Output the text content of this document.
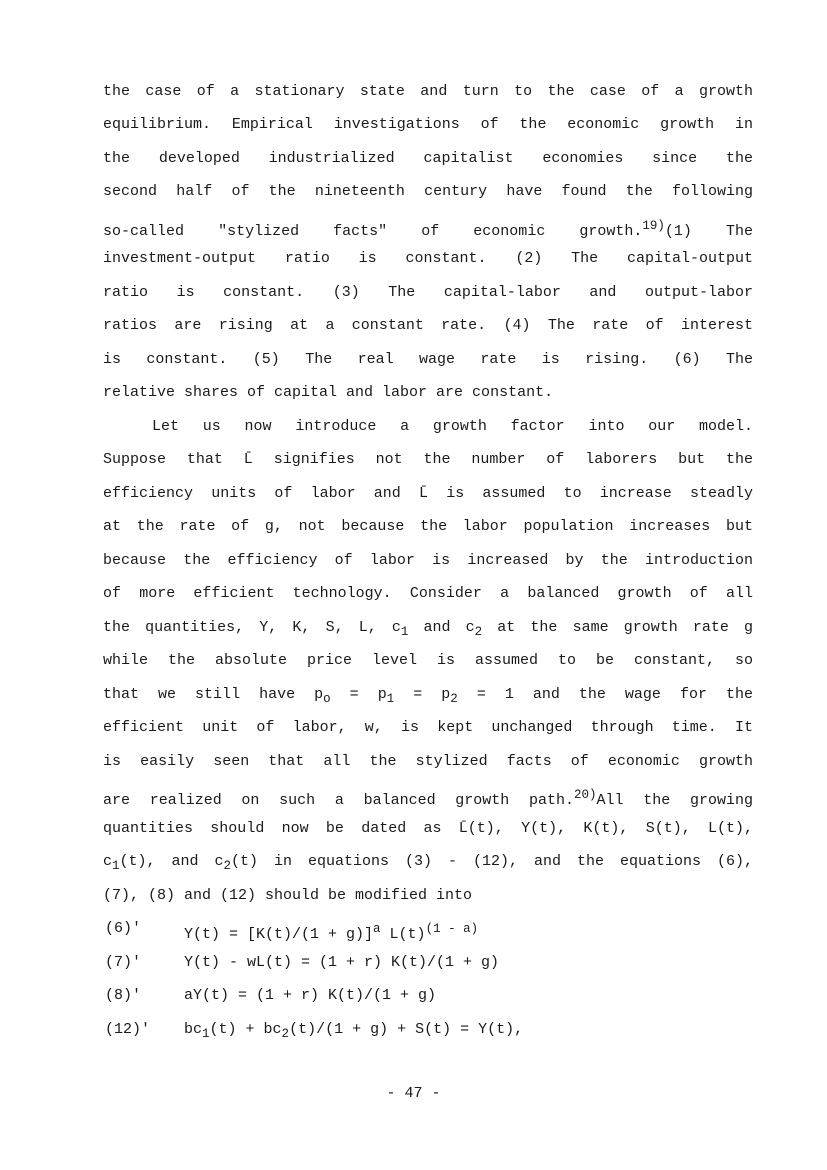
the case of a stationary state and turn to the case of a growth
equilibrium. Empirical investigations of the economic growth in
the developed industrialized capitalist economies since the
second half of the nineteenth century have found the following
so-called "stylized facts" of economic growth.$^{19)}$(1) The
investment-output ratio is constant. (2) The capital-output
ratio is constant. (3) The capital-labor and output-labor
ratios are rising at a constant rate. (4) The rate of interest
is constant. (5) The real wage rate is rising. (6) The
relative shares of capital and labor are constant.
Let us now introduce a growth factor into our model.
Suppose that L̄ signifies not the number of laborers but the
efficiency units of labor and L̄ is assumed to increase steadly
at the rate of g, not because the labor population increases but
because the efficiency of labor is increased by the introduction
of more efficient technology. Consider a balanced growth of all
the quantities, Y, K, S, L, $c_1$ and $c_2$ at the same growth rate g
while the absolute price level is assumed to be constant, so
that we still have $p_o = p_1 = p_2 = 1$ and the wage for the
efficient unit of labor, w, is kept unchanged through time. It
is easily seen that all the stylized facts of economic growth
are realized on such a balanced growth path.$^{20)}$All the growing
quantities should now be dated as L̄(t), Y(t), K(t), S(t), L(t),
$c_1(t)$, and $c_2(t)$ in equations (3) - (12), and the equations (6),
(7), (8) and (12) should be modified into
(6)'	$Y(t) = [K(t)/(1 + g)]^a$ $L(t)^{(1 - a)}$
(7)'	Y(t) - wL(t) = (1 + r) K(t)/(1 + g)
(8)'	aY(t) = (1 + r) K(t)/(1 + g)
(12)' $bc_1(t) + bc_2(t)/(1 + g) + S(t) = Y(t)$,
- 47 -
